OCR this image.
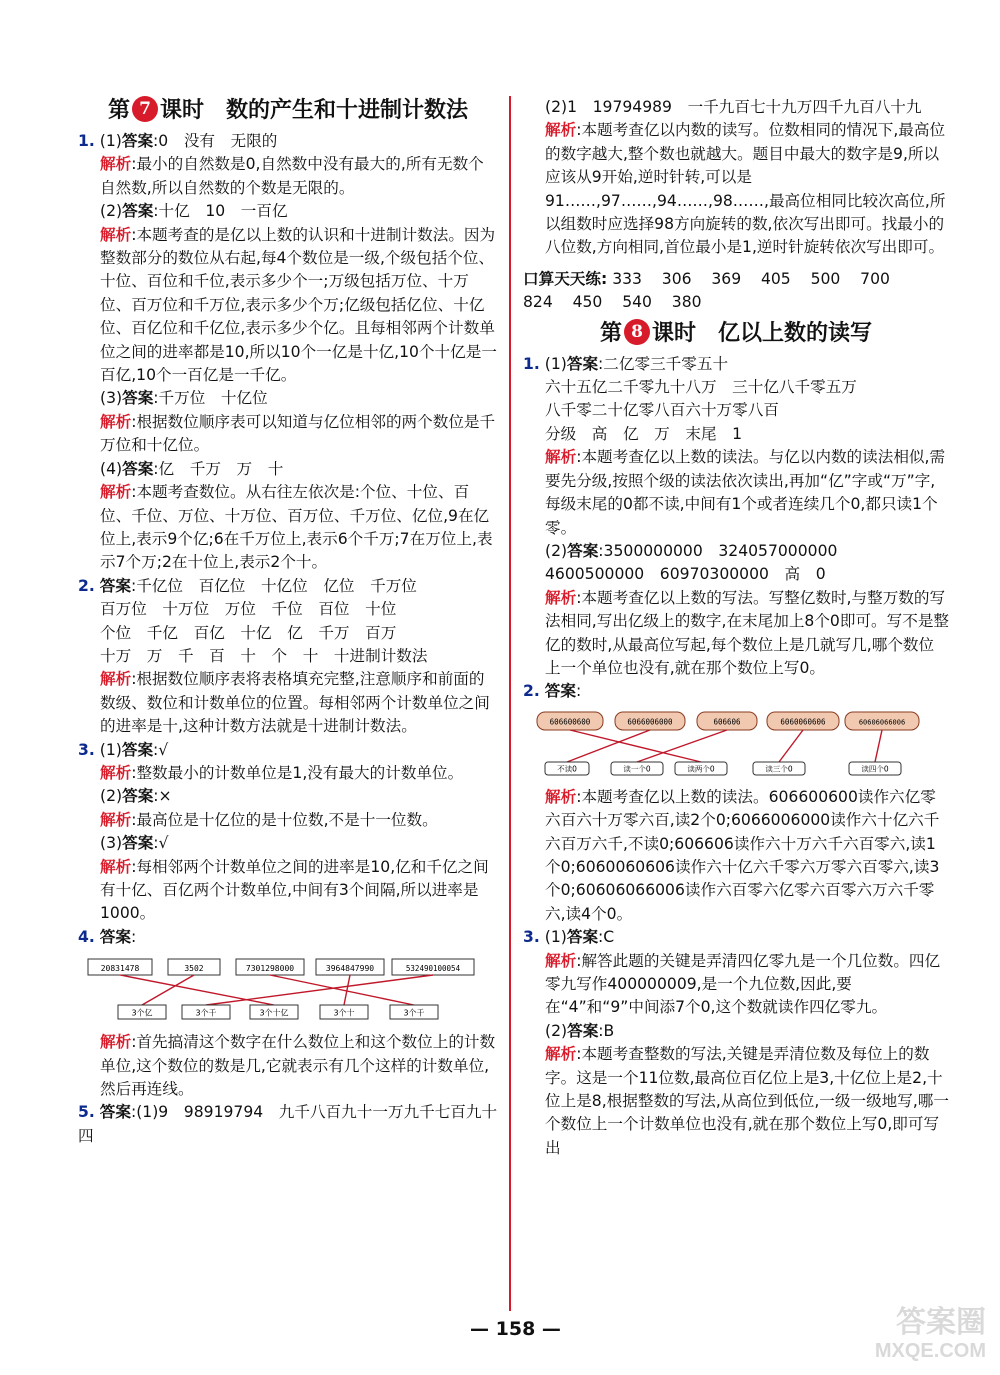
第 7 课时　 数的产生和十进制计数法

1. (1)答案:0　没有　无限的

解析:最小的自然数是0,自然数中没有最大的,所有无数个自然数,所以自然数的个数是无限的。

(2)答案:十亿　10　一百亿

解析:本题考查的是亿以上数的认识和十进制计数法。因为整数部分的数位从右起,每4个数位是一级,个级包括个位、十位、百位和千位,表示多少个一;万级包括万位、十万位、百万位和千万位,表示多少个万;亿级包括亿位、十亿位、百亿位和千亿位,表示多少个亿。且每相邻两个计数单位之间的进率都是10,所以10个一亿是十亿,10个十亿是一百亿,10个一百亿是一千亿。

(3)答案:千万位　十亿位

解析:根据数位顺序表可以知道与亿位相邻的两个数位是千万位和十亿位。

(4)答案:亿　千万　万　十

解析:本题考查数位。从右往左依次是:个位、十位、百位、千位、万位、十万位、百万位、千万位、亿位,9在亿位上,表示9个亿;6在千万位上,表示6个千万;7在万位上,表示7个万;2在十位上,表示2个十。

2. 答案:千亿位　百亿位　十亿位　亿位　千万位

百万位　十万位　万位　千位　百位　十位

个位　千亿　百亿　十亿　亿　千万　百万

十万　万　千　百　十　个　十　十进制计数法

解析:根据数位顺序表将表格填充完整,注意顺序和前面的数级、数位和计数单位的位置。每相邻两个计数单位之间的进率是十,这种计数方法就是十进制计数法。

3. (1)答案:√

解析:整数最小的计数单位是1,没有最大的计数单位。

(2)答案:×

解析:最高位是十亿位的是十位数,不是十一位数。

(3)答案:√

解析:每相邻两个计数单位之间的进率是10,亿和千亿之间有十亿、百亿两个计数单位,中间有3个间隔,所以进率是1000。

4. 答案:

20831478	3502	7301298000	3964847990	532490100054
3个亿	3个千	3个十亿	3个十	3个千

解析:首先搞清这个数字在什么数位上和这个数位上的计数单位,这个数位的数是几,它就表示有几个这样的计数单位,然后再连线。

5. 答案:(1)9　98919794　九千八百九十一万九千七百九十四

(2)1　19794989　一千九百七十九万四千九百八十九

解析:本题考查亿以内数的读写。位数相同的情况下,最高位的数字越大,整个数也就越大。题目中最大的数字是9,所以应该从9开始,逆时针转,可以是91……,97……,94……,98……,最高位相同比较次高位,所以组数时应选择98方向旋转的数,依次写出即可。找最小的八位数,方向相同,首位最小是1,逆时针旋转依次写出即可。

口算天天练: 333 306 369 405 500 700
824 450 540 380

第 8 课时　 亿以上数的读写

1. (1)答案:二亿零三千零五十

六十五亿二千零九十八万　三十亿八千零五万

八千零二十亿零八百六十万零八百

分级　高　亿　万　末尾　1

解析:本题考查亿以上数的读法。与亿以内数的读法相似,需要先分级,按照个级的读法依次读出,再加“亿”字或“万”字,每级末尾的0都不读,中间有1个或者连续几个0,都只读1个零。

(2)答案:3500000000　324057000000

4600500000　60970300000　高　0

解析:本题考查亿以上数的写法。写整亿数时,与整万数的写法相同,写出亿级上的数字,在末尾加上8个0即可。写不是整亿的数时,从最高位写起,每个数位上是几就写几,哪个数位上一个单位也没有,就在那个数位上写0。

2. 答案:

606600600	6066006000	606606	6060060606	60606066006
不读0	读一个0	读两个0	读三个0	读四个0

解析:本题考查亿以上数的读法。606600600读作六亿零六百六十万零六百,读2个0;6066006000读作六十亿六千六百万六千,不读0;606606读作六十万六千六百零六,读1个0;6060060606读作六十亿六千零六万零六百零六,读3个0;60606066006读作六百零六亿零六百零六万六千零六,读4个0。

3. (1)答案:C

解析:解答此题的关键是弄清四亿零九是一个几位数。四亿零九写作400000009,是一个九位数,因此,要在“4”和“9”中间添7个0,这个数就读作四亿零九。

(2)答案:B

解析:本题考查整数的写法,关键是弄清位数及每位上的数字。这是一个11位数,最高位百亿位上是3,十亿位上是2,十位上是8,根据整数的写法,从高位到低位,一级一级地写,哪一个数位上一个计数单位也没有,就在那个数位上写0,即可写出

— 158 —	答案圈
MXQE.COM
